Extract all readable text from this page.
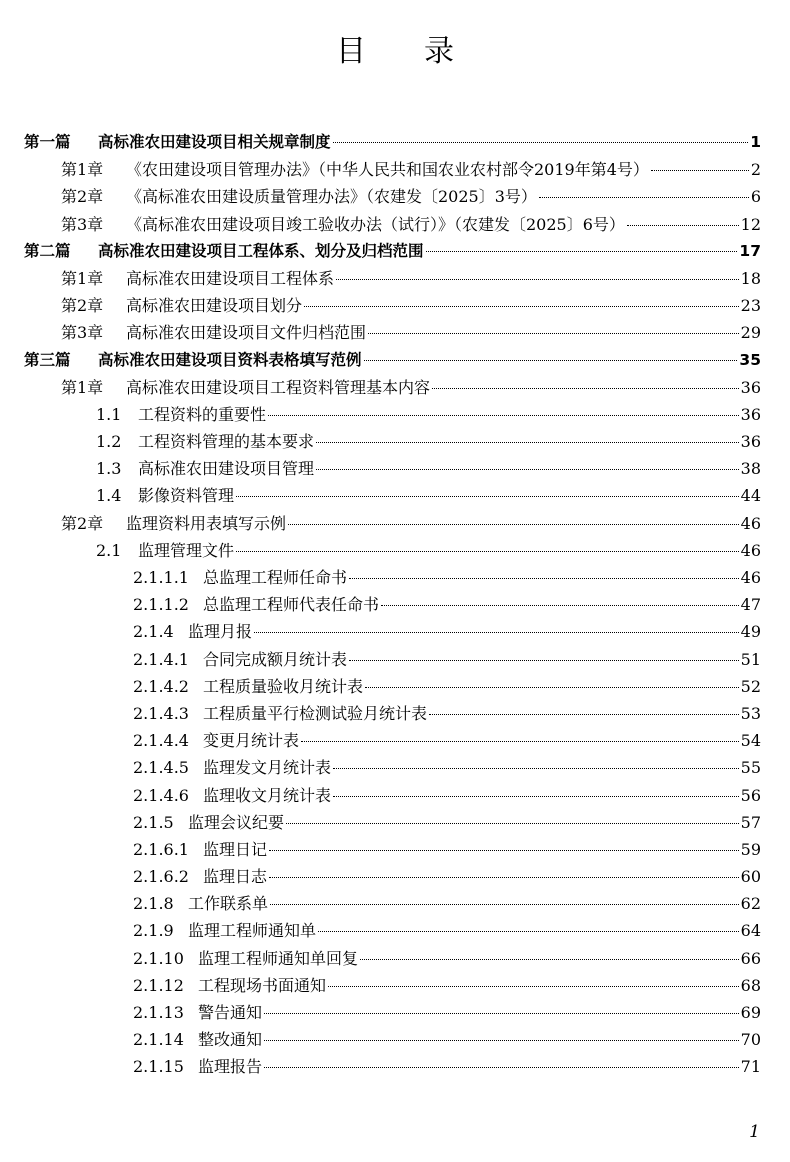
目录
第一篇	高标准农田建设项目相关规章制度	1
第1章	《农田建设项目管理办法》（中华人民共和国农业农村部令2019年第4号）	2
第2章	《高标准农田建设质量管理办法》（农建发〔2025〕3号）	6
第3章	《高标准农田建设项目竣工验收办法（试行）》（农建发〔2025〕6号）	12
第二篇	高标准农田建设项目工程体系、划分及归档范围	17
第1章	高标准农田建设项目工程体系	18
第2章	高标准农田建设项目划分	23
第3章	高标准农田建设项目文件归档范围	29
第三篇	高标准农田建设项目资料表格填写范例	35
第1章	高标准农田建设项目工程资料管理基本内容	36
1.1	工程资料的重要性	36
1.2	工程资料管理的基本要求	36
1.3	高标准农田建设项目管理	38
1.4	影像资料管理	44
第2章	监理资料用表填写示例	46
2.1	监理管理文件	46
2.1.1.1 总监理工程师任命书	46
2.1.1.2 总监理工程师代表任命书	47
2.1.4 监理月报	49
2.1.4.1 合同完成额月统计表	51
2.1.4.2 工程质量验收月统计表	52
2.1.4.3 工程质量平行检测试验月统计表	53
2.1.4.4 变更月统计表	54
2.1.4.5 监理发文月统计表	55
2.1.4.6 监理收文月统计表	56
2.1.5 监理会议纪要	57
2.1.6.1 监理日记	59
2.1.6.2 监理日志	60
2.1.8 工作联系单	62
2.1.9 监理工程师通知单	64
2.1.10 监理工程师通知单回复	66
2.1.12 工程现场书面通知	68
2.1.13 警告通知	69
2.1.14 整改通知	70
2.1.15 监理报告	71
1
